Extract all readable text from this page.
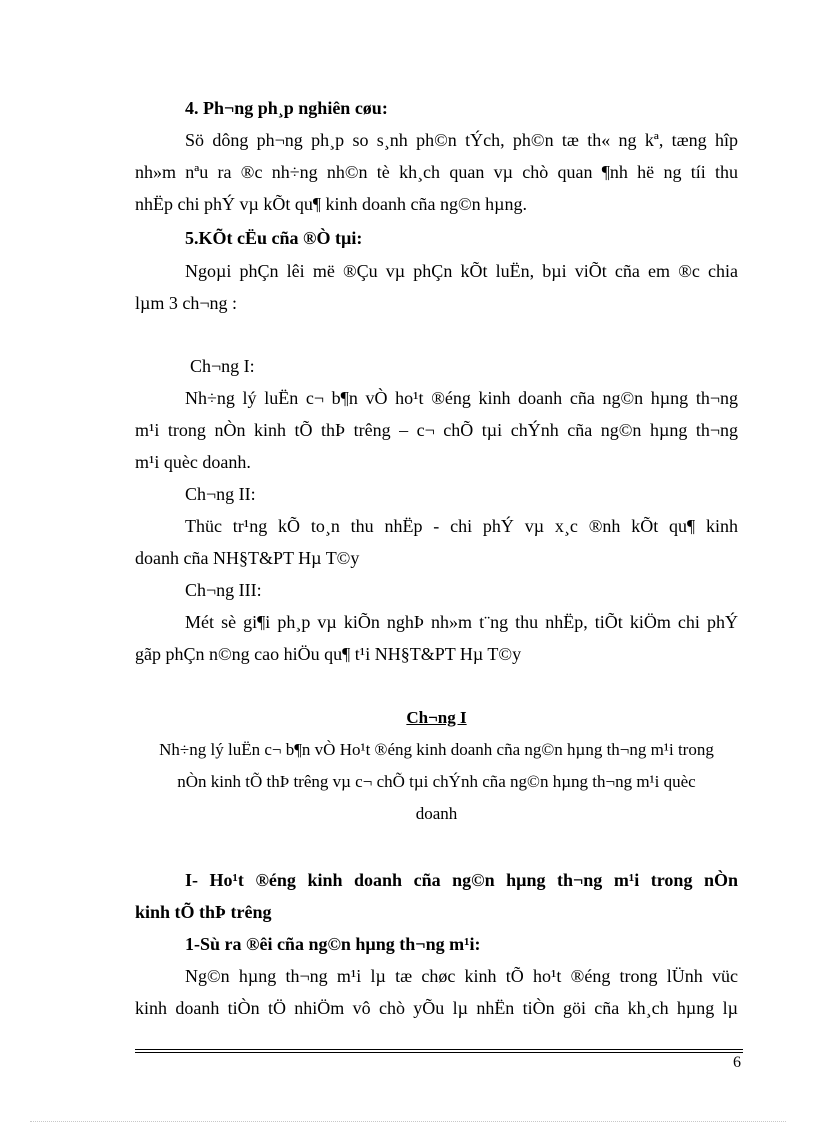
4. Ph¬ng ph¸p nghiên cøu:
Sö dông ph¬ng ph¸p so s¸nh ph©n tÝch, ph©n tæ th« ng kª, tæng hîp
nh»m nªu ra ®c nh÷ng nh©n tè kh¸ch quan vµ chò quan ¶nh hë ng tíi thu
nhËp chi phÝ vµ kÕt qu¶ kinh doanh cña ng©n hµng.
5.KÕt cËu cña ®Ò tµi:
Ngoµi phÇn lêi më ®Çu vµ phÇn kÕt luËn, bµi viÕt cña em ®c chia
lµm 3 ch¬ng :
Ch¬ng I:
Nh÷ng lý luËn c¬ b¶n vÒ ho¹t ®éng kinh doanh cña ng©n hµng th¬ng
m¹i trong nÒn kinh tÕ thÞ trêng – c¬ chÕ tµi chÝnh cña ng©n hµng th¬ng
m¹i quèc doanh.
Ch¬ng II:
Thüc tr¹ng kÕ to¸n thu nhËp - chi phÝ vµ x¸c ®nh kÕt qu¶ kinh
doanh cña NH§T&PT Hµ T©y
Ch¬ng III:
Mét sè gi¶i ph¸p vµ kiÕn nghÞ nh»m t¨ng thu nhËp, tiÕt kiÖm chi phÝ
gãp phÇn n©ng cao hiÖu qu¶ t¹i NH§T&PT Hµ T©y
Ch¬ng I
Nh÷ng lý luËn c¬ b¶n vÒ Ho¹t ®éng kinh doanh cña ng©n hµng th¬ng m¹i trong
nÒn kinh tÕ thÞ trêng vµ c¬ chÕ tµi chÝnh cña ng©n hµng th¬ng m¹i quèc
doanh
I- Ho¹t ®éng kinh doanh cña ng©n hµng th¬ng m¹i trong nÒn
kinh tÕ thÞ trêng
1-Sù ra ®êi cña ng©n hµng th¬ng m¹i:
Ng©n hµng th¬ng m¹i lµ tæ chøc kinh tÕ ho¹t ®éng trong lÜnh vüc
kinh doanh tiÒn tÖ nhiÖm vô chò yÕu lµ nhËn tiÒn göi cña kh¸ch hµng lµ
6
